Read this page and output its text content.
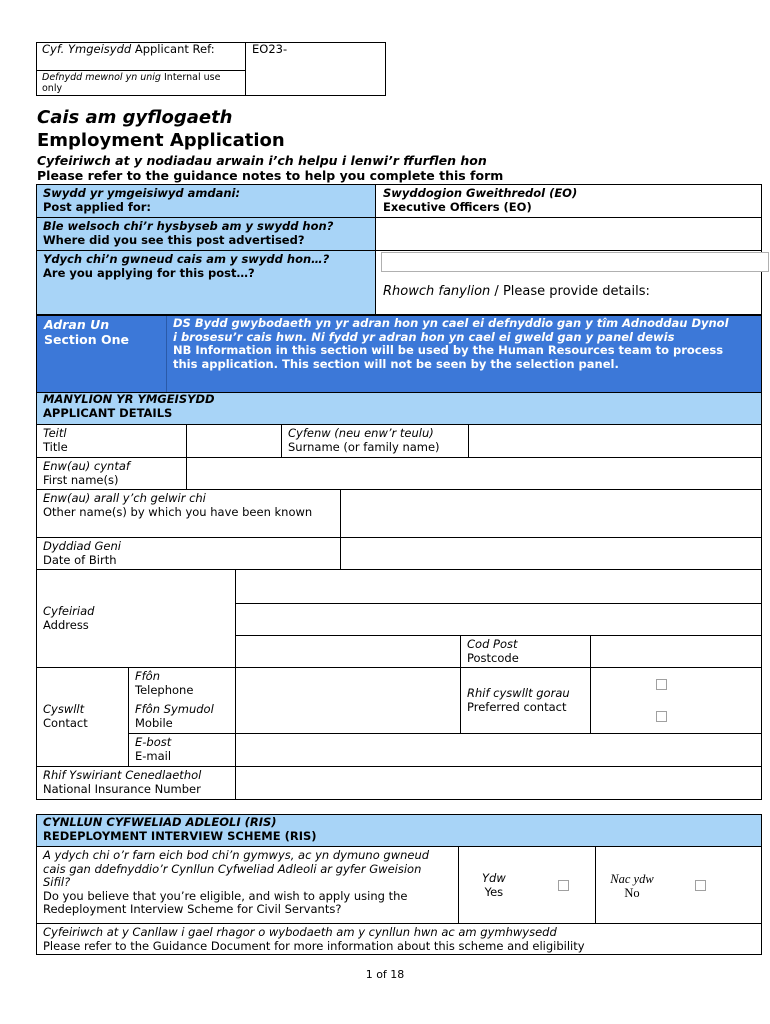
Cyf. Ymgeisydd Applicant Ref:
Defnydd mewnol yn unig Internal use only
EO23-
Cais am gyflogaeth
Employment Application
Cyfeiriwch at y nodiadau arwain i’ch helpu i lenwi’r ffurflen hon
Please refer to the guidance notes to help you complete this form
Swydd yr ymgeisiwyd amdani:
Post applied for:
Swyddogion Gweithredol (EO)
Executive Officers (EO)
Ble welsoch chi’r hysbyseb am y swydd hon?
Where did you see this post advertised?
Ydych chi’n gwneud cais am y swydd hon…?
Are you applying for this post…?
Rhowch fanylion / Please provide details:
Adran Un
Section One
DS Bydd gwybodaeth yn yr adran hon yn cael ei defnyddio gan y tîm Adnoddau Dynol i brosesu’r cais hwn. Ni fydd yr adran hon yn cael ei gweld gan y panel dewis
NB Information in this section will be used by the Human Resources team to process this application. This section will not be seen by the selection panel.
MANYLION YR YMGEISYDD
APPLICANT DETAILS
Teitl
Title
Cyfenw (neu enw’r teulu)
Surname (or family name)
Enw(au) cyntaf
First name(s)
Enw(au) arall y’ch gelwir chi
Other name(s) by which you have been known
Dyddiad Geni
Date of Birth
Cyfeiriad
Address
Cod Post
Postcode
Cyswllt
Contact
Ffôn
Telephone
Ffôn Symudol
Mobile
E-bost
E-mail
Rhif cyswllt gorau
Preferred contact
Rhif Yswiriant Cenedlaethol
National Insurance Number
CYNLLUN CYFWELIAD ADLEOLI (RIS)
REDEPLOYMENT INTERVIEW SCHEME (RIS)
A ydych chi o’r farn eich bod chi’n gymwys, ac yn dymuno gwneud cais gan ddefnyddio’r Cynllun Cyfweliad Adleoli ar gyfer Gweision Sifil?
Do you believe that you’re eligible, and wish to apply using the Redeployment Interview Scheme for Civil Servants?
Ydw
Yes
Nac ydw
No
Cyfeiriwch at y Canllaw i gael rhagor o wybodaeth am y cynllun hwn ac am gymhwysedd
Please refer to the Guidance Document for more information about this scheme and eligibility
1 of 18
